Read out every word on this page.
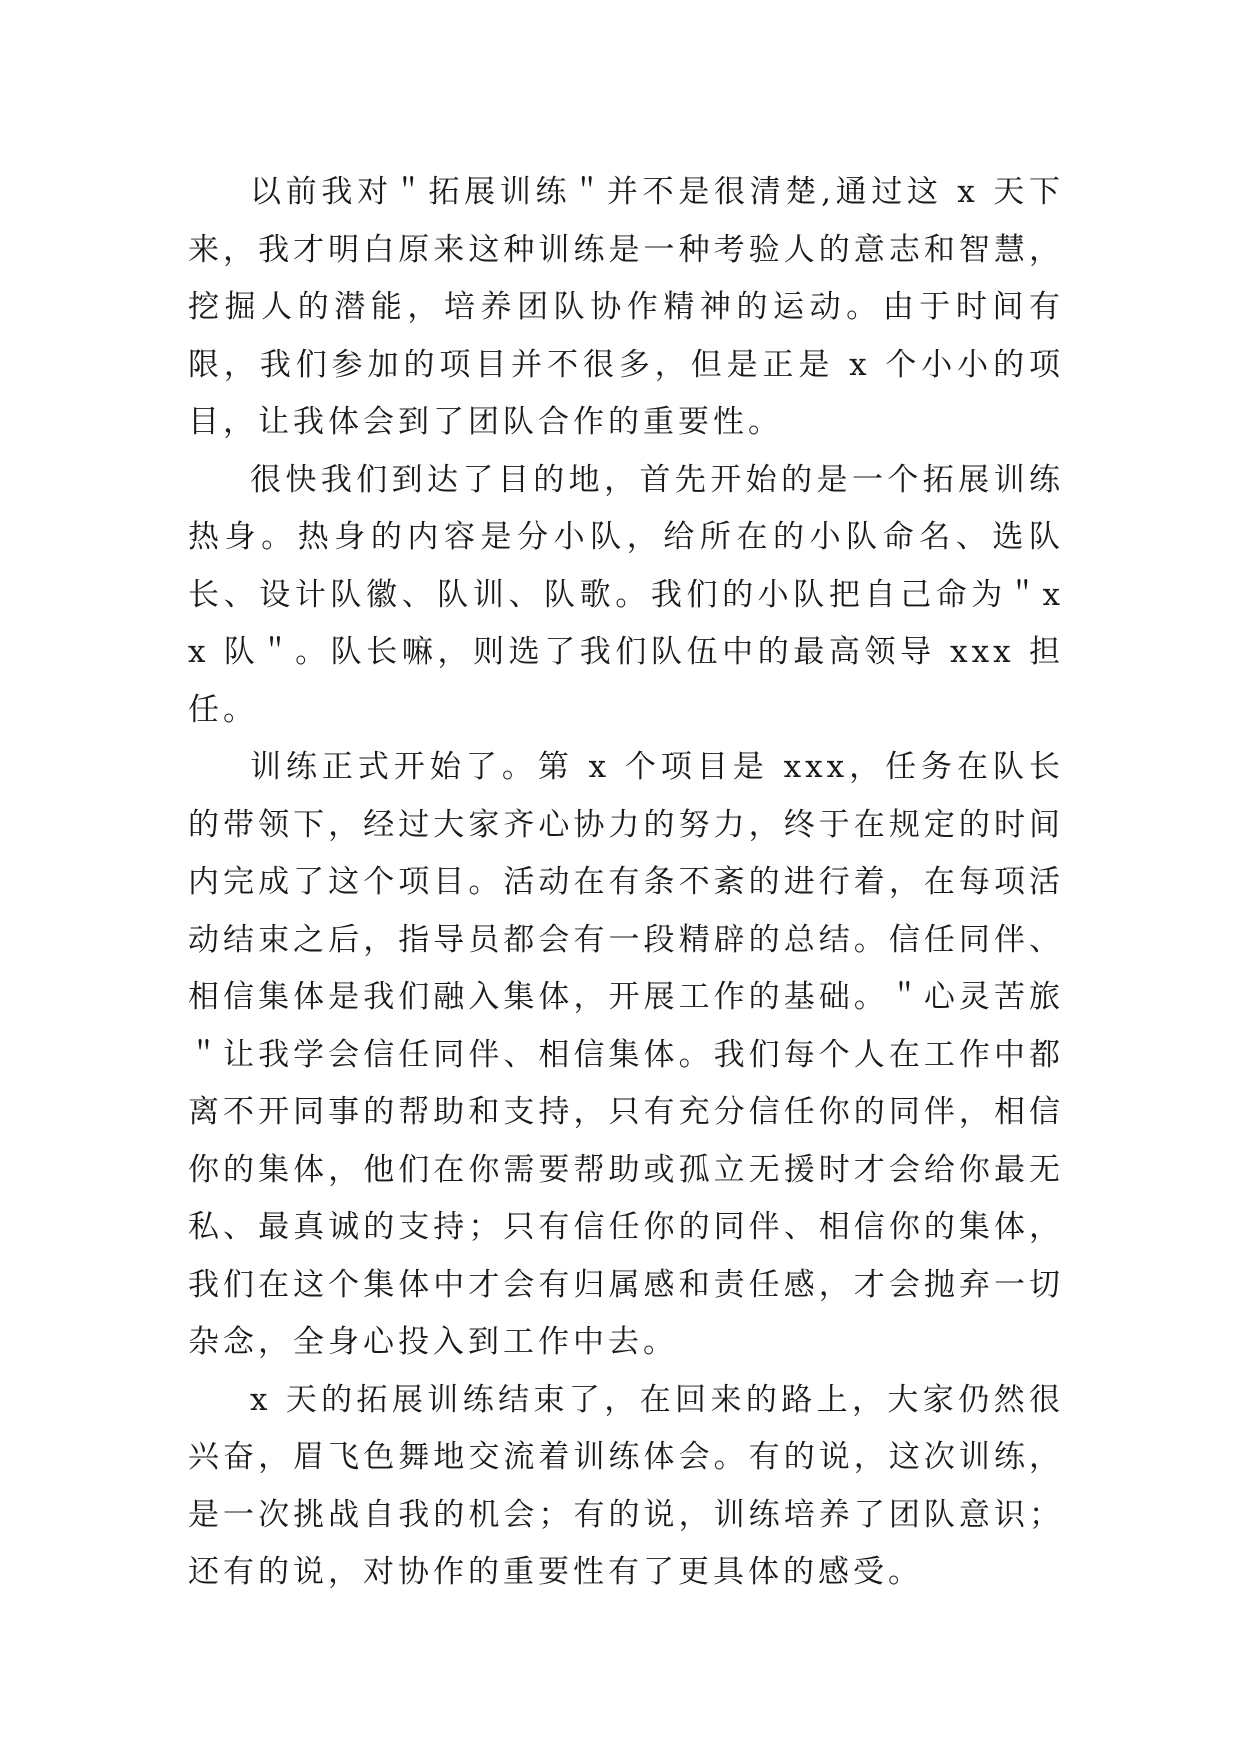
以前我对＂拓展训练＂并不是很清楚,通过这 x 天下来，我才明白原来这种训练是一种考验人的意志和智慧，挖掘人的潜能，培养团队协作精神的运动。由于时间有限，我们参加的项目并不很多，但是正是 x 个小小的项目，让我体会到了团队合作的重要性。

很快我们到达了目的地，首先开始的是一个拓展训练热身。热身的内容是分小队，给所在的小队命名、选队长、设计队徽、队训、队歌。我们的小队把自己命为＂xx 队＂。队长嘛，则选了我们队伍中的最高领导 xxx 担任。

训练正式开始了。第 x 个项目是 xxx，任务在队长的带领下，经过大家齐心协力的努力，终于在规定的时间内完成了这个项目。活动在有条不紊的进行着，在每项活动结束之后，指导员都会有一段精辟的总结。信任同伴、相信集体是我们融入集体，开展工作的基础。＂心灵苦旅＂让我学会信任同伴、相信集体。我们每个人在工作中都离不开同事的帮助和支持，只有充分信任你的同伴，相信你的集体，他们在你需要帮助或孤立无援时才会给你最无私、最真诚的支持；只有信任你的同伴、相信你的集体，我们在这个集体中才会有归属感和责任感，才会抛弃一切杂念，全身心投入到工作中去。

x 天的拓展训练结束了，在回来的路上，大家仍然很兴奋，眉飞色舞地交流着训练体会。有的说，这次训练，是一次挑战自我的机会；有的说，训练培养了团队意识；还有的说，对协作的重要性有了更具体的感受。
